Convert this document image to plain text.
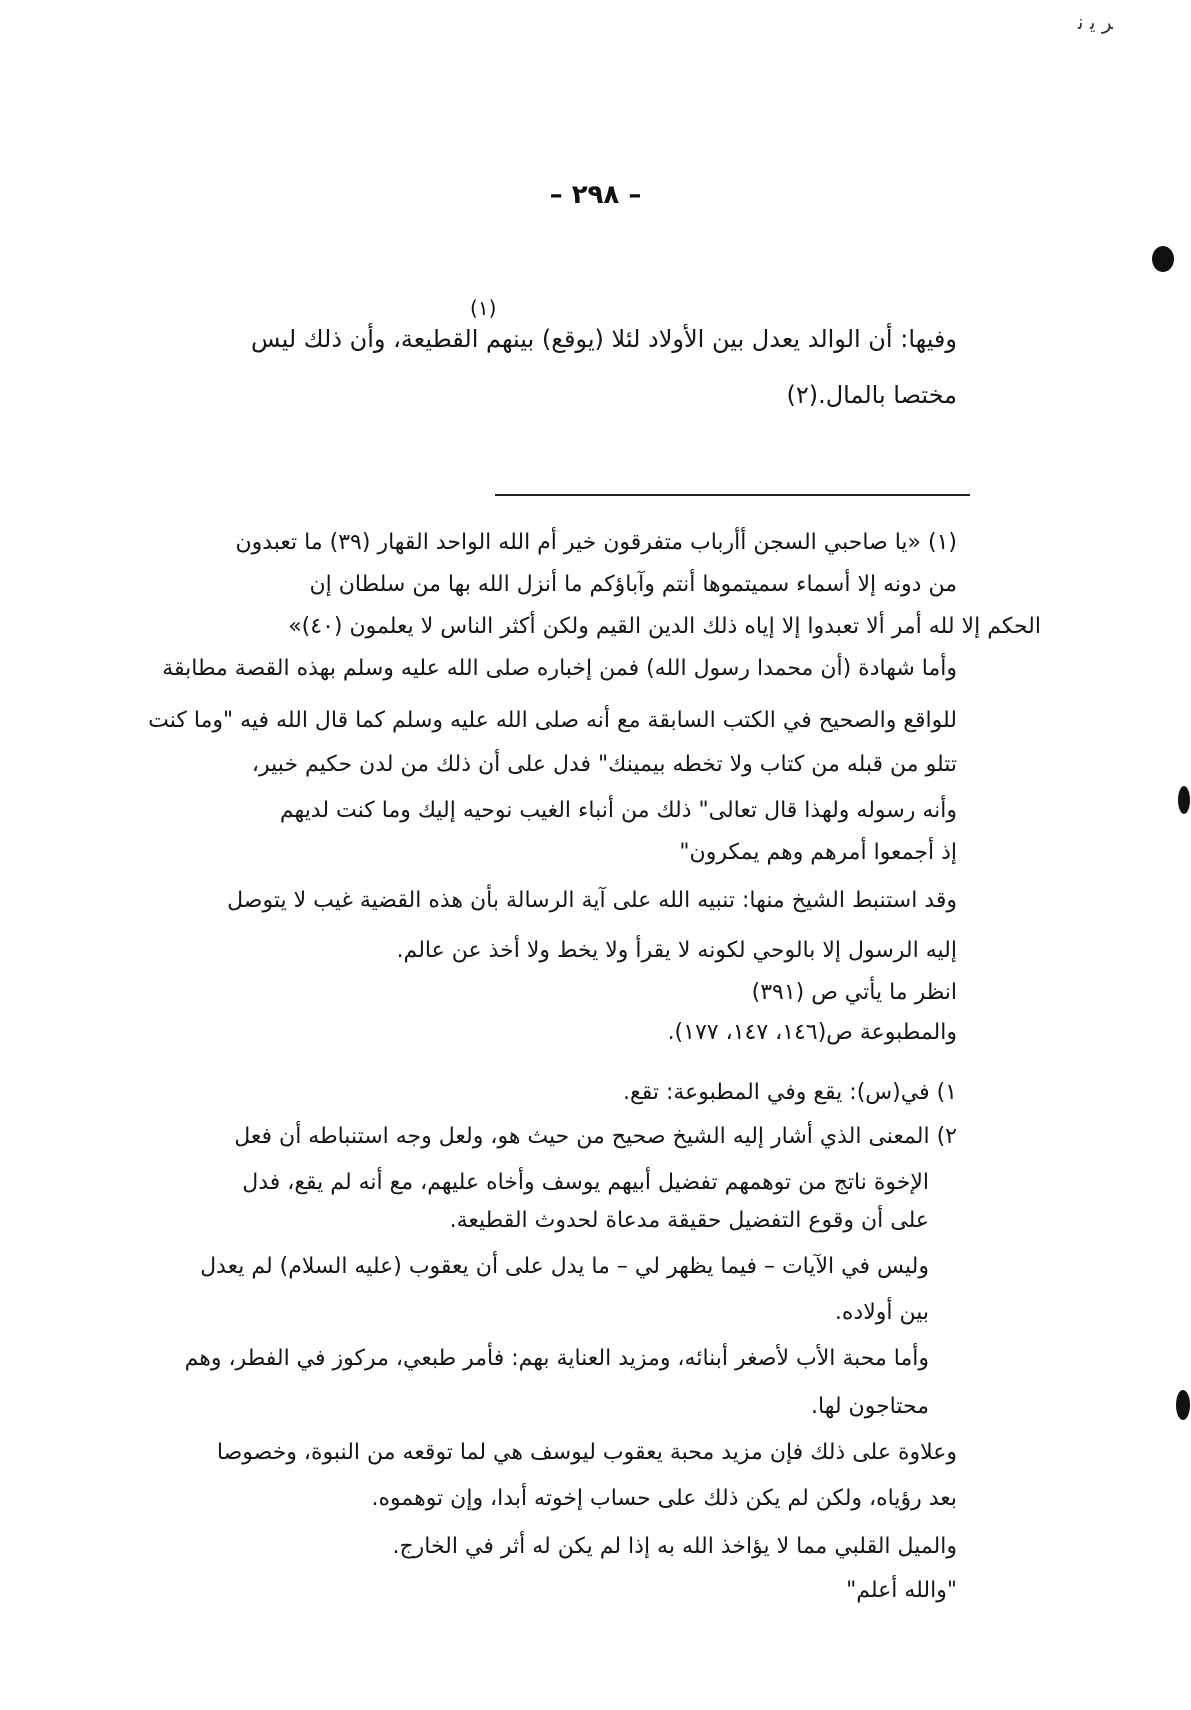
ﺮ ﻳ ﻧ
– ٢٩٨ –
(١)
وفيها: أن الوالد يعدل بين الأولاد لئلا (يوقع) بينهم القطيعة، وأن ذلك ليس
مختصا بالمال.(٢)
(١) «يا صاحبي السجن أأرباب متفرقون خير أم الله الواحد القهار (٣٩) ما تعبدون
من دونه إلا أسماء سميتموها أنتم وآباؤكم ما أنزل الله بها من سلطان إن
الحكم إلا لله أمر ألا تعبدوا إلا إياه ذلك الدين القيم ولكن أكثر الناس لا يعلمون (٤٠)»
وأما شهادة (أن محمدا رسول الله) فمن إخباره صلى الله عليه وسلم بهذه القصة مطابقة
للواقع والصحيح في الكتب السابقة مع أنه صلى الله عليه وسلم كما قال الله فيه "وما كنت
تتلو من قبله من كتاب ولا تخطه بيمينك" فدل على أن ذلك من لدن حكيم خبير،
وأنه رسوله ولهذا قال تعالى" ذلك من أنباء الغيب نوحيه إليك وما كنت لديهم
إذ أجمعوا أمرهم وهم يمكرون"
وقد استنبط الشيخ منها: تنبيه الله على آية الرسالة بأن هذه القضية غيب لا يتوصل
إليه الرسول إلا بالوحي لكونه لا يقرأ ولا يخط ولا أخذ عن عالم.
انظر ما يأتي ص (٣٩١)
والمطبوعة ص(١٤٦، ١٤٧، ١٧٧).
١) في(س): يقع وفي المطبوعة: تقع.
٢) المعنى الذي أشار إليه الشيخ صحيح من حيث هو، ولعل وجه استنباطه أن فعل
الإخوة ناتج من توهمهم تفضيل أبيهم يوسف وأخاه عليهم، مع أنه لم يقع، فدل
على أن وقوع التفضيل حقيقة مدعاة لحدوث القطيعة.
وليس في الآيات – فيما يظهر لي – ما يدل على أن يعقوب (عليه السلام) لم يعدل
بين أولاده.
وأما محبة الأب لأصغر أبنائه، ومزيد العناية بهم: فأمر طبعي، مركوز في الفطر، وهم
محتاجون لها.
وعلاوة على ذلك فإن مزيد محبة يعقوب ليوسف هي لما توقعه من النبوة، وخصوصا
بعد رؤياه، ولكن لم يكن ذلك على حساب إخوته أبدا، وإن توهموه.
والميل القلبي مما لا يؤاخذ الله به إذا لم يكن له أثر في الخارج.
"والله أعلم"
